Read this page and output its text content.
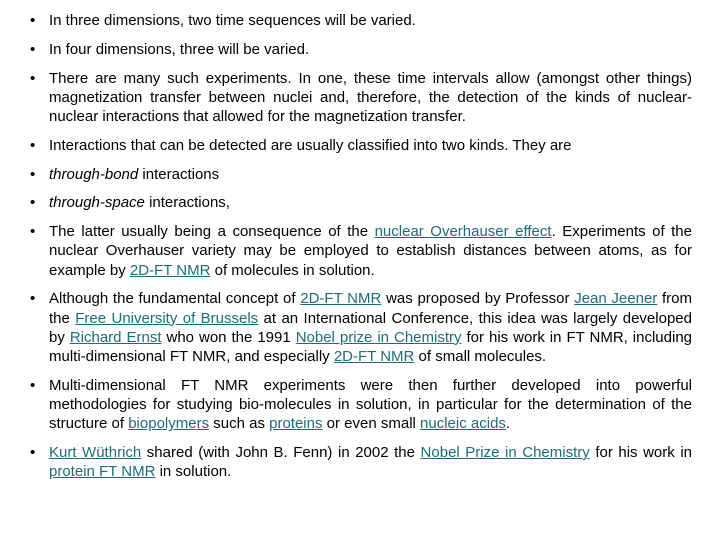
• In three dimensions, two time sequences will be varied.
• In four dimensions, three will be varied.
• There are many such experiments. In one, these time intervals allow (amongst other things) magnetization transfer between nuclei and, therefore, the detection of the kinds of nuclear-nuclear interactions that allowed for the magnetization transfer.
• Interactions that can be detected are usually classified into two kinds. They are
• through-bond interactions
• through-space interactions,
• The latter usually being a consequence of the nuclear Overhauser effect. Experiments of the nuclear Overhauser variety may be employed to establish distances between atoms, as for example by 2D-FT NMR of molecules in solution.
• Although the fundamental concept of 2D-FT NMR was proposed by Professor Jean Jeener from the Free University of Brussels at an International Conference, this idea was largely developed by Richard Ernst who won the 1991 Nobel prize in Chemistry for his work in FT NMR, including multi-dimensional FT NMR, and especially 2D-FT NMR of small molecules.
• Multi-dimensional FT NMR experiments were then further developed into powerful methodologies for studying bio-molecules in solution, in particular for the determination of the structure of biopolymers such as proteins or even small nucleic acids.
• Kurt Wüthrich shared (with John B. Fenn) in 2002 the Nobel Prize in Chemistry for his work in protein FT NMR in solution.
